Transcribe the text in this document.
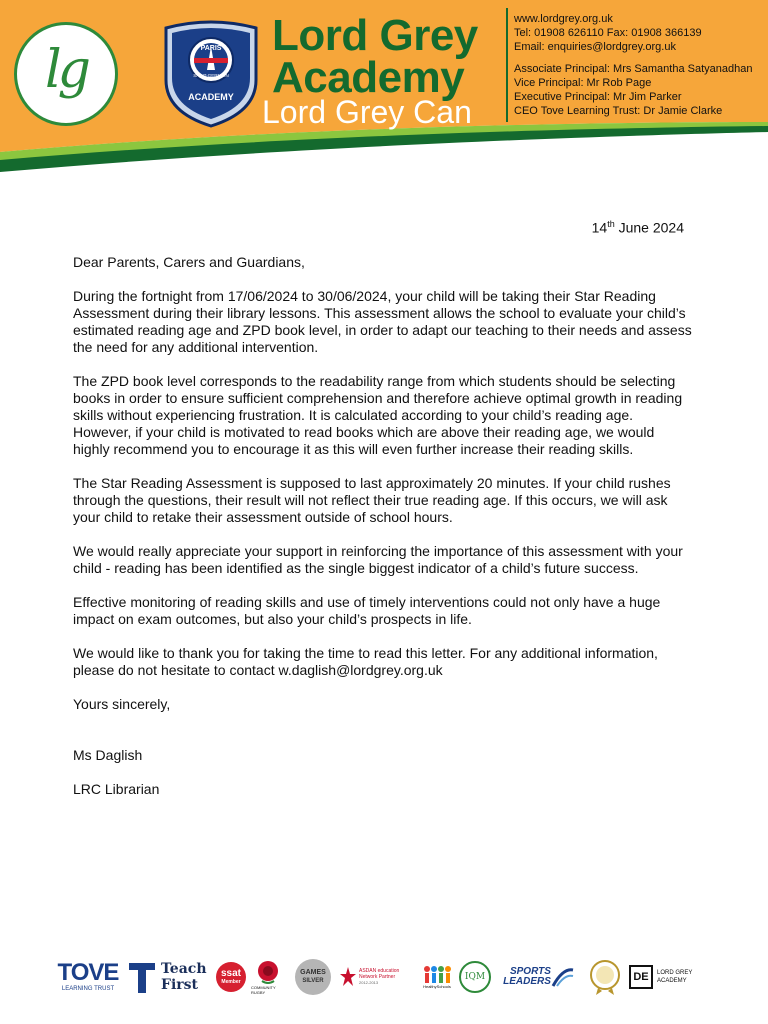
lg	PARIS
SAINT-GERMAIN
ACADEMY
Lord Grey
Academy
Lord Grey Can
www.lordgrey.org.uk
Tel: 01908 626110 Fax: 01908 366139
Email: enquiries@lordgrey.org.uk
Associate Principal: Mrs Samantha Satyanadhan
Vice Principal: Mr Rob Page
Executive Principal: Mr Jim Parker
CEO Tove Learning Trust: Dr Jamie Clarke
14th June 2024

Dear Parents, Carers and Guardians,

During the fortnight from 17/06/2024 to 30/06/2024, your child will be taking their Star Reading Assessment during their library lessons. This assessment allows the school to evaluate your child’s estimated reading age and ZPD book level, in order to adapt our teaching to their needs and assess the need for any additional intervention.

The ZPD book level corresponds to the readability range from which students should be selecting books in order to ensure sufficient comprehension and therefore achieve optimal growth in reading skills without experiencing frustration. It is calculated according to your child’s reading age. However, if your child is motivated to read books which are above their reading age, we would highly recommend you to encourage it as this will even further increase their reading skills.

The Star Reading Assessment is supposed to last approximately 20 minutes. If your child rushes through the questions, their result will not reflect their true reading age. If this occurs, we will ask your child to retake their assessment outside of school hours.

We would really appreciate your support in reinforcing the importance of this assessment with your child - reading has been identified as the single biggest indicator of a child’s future success.

Effective monitoring of reading skills and use of timely interventions could not only have a huge impact on exam outcomes, but also your child’s prospects in life.

We would like to thank you for taking the time to read this letter. For any additional information, please do not hesitate to contact w.daglish@lordgrey.org.uk

Yours sincerely,

Ms Daglish

LRC Librarian

TOVE
LEARNING TRUST
Teach
First
ssat
Member
COMMUNITY RUGBY
GAMES
SILVER
ASDAN education
Network Partner
2012-2013
HealthySchools
IQM	SPORTS
LEADERS	DE	LORD GREY
ACADEMY
